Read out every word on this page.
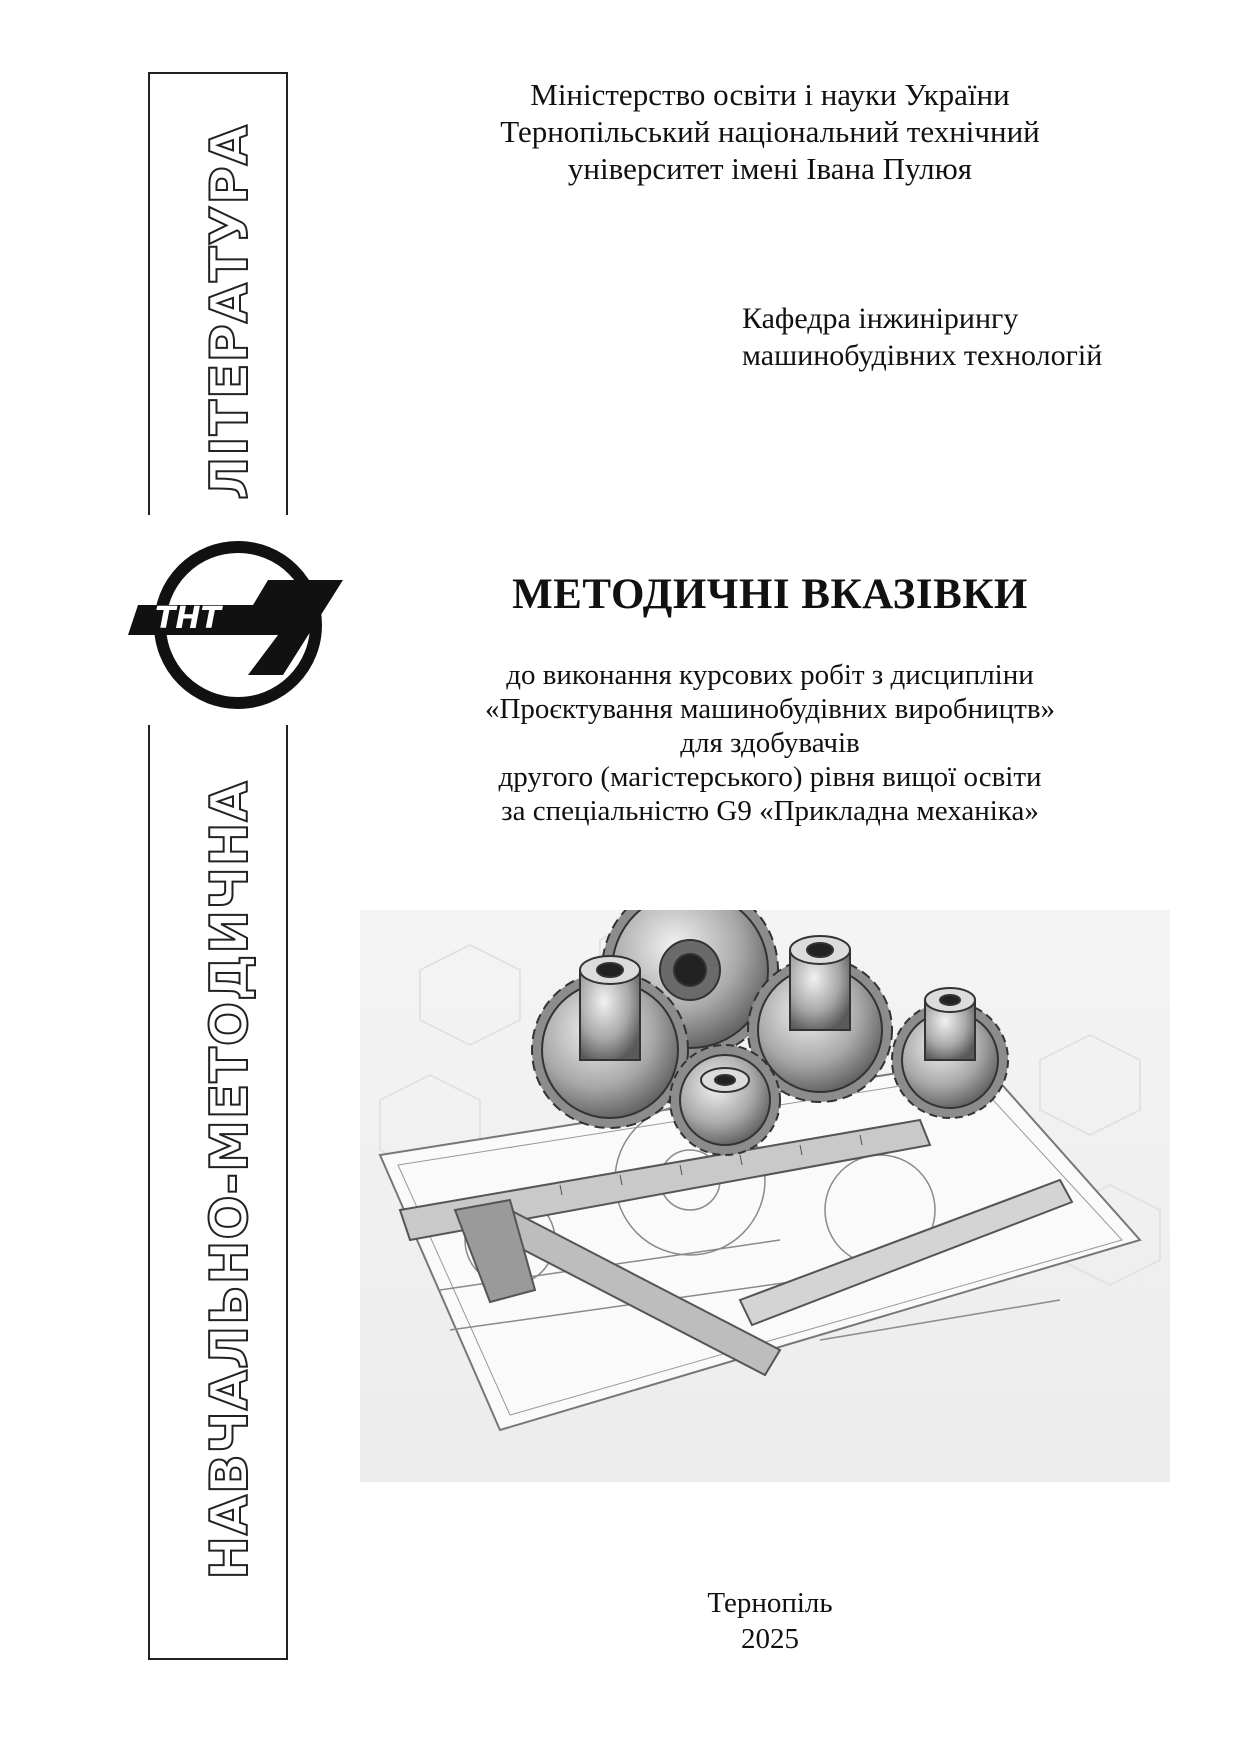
ЛІТЕРАТУРА
НАВЧАЛЬНО-МЕТОДИЧНА
ТНТ
Міністерство освіти і науки України
Тернопільський національний технічний
університет імені Івана Пулюя
Кафедра інжинірингу
машинобудівних технологій
МЕТОДИЧНІ ВКАЗІВКИ
до виконання курсових робіт з дисципліни
«Проєктування машинобудівних виробництв»
для здобувачів
другого (магістерського) рівня вищої освіти
за спеціальністю G9 «Прикладна механіка»
Тернопіль
2025
